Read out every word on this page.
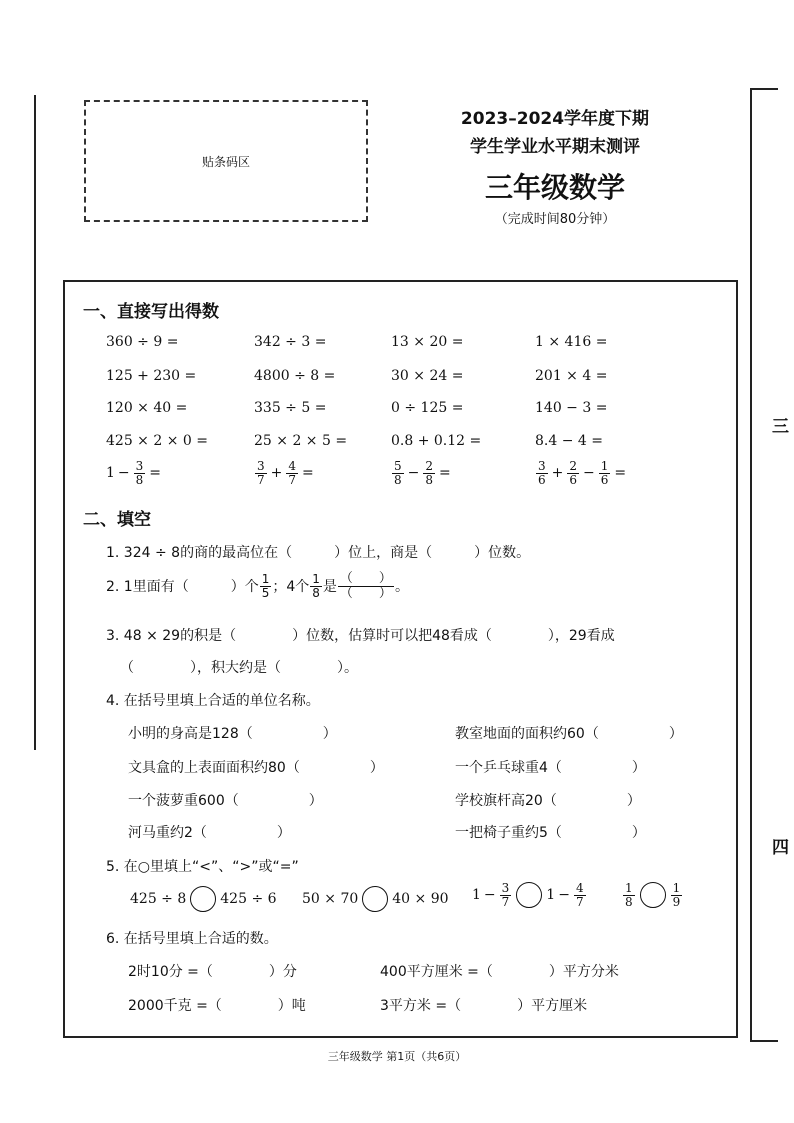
三
四
贴条码区
2023–2024学年度下期
学生学业水平期末测评
三年级数学
（完成时间80分钟）
一、直接写出得数
360 ÷ 9 =	342 ÷ 3 =	13 × 20 =	1 × 416 =
125 + 230 =	4800 ÷ 8 =	30 × 24 =	201 × 4 =
120 × 40 =	335 ÷ 5 =	0 ÷ 125 =	140 − 3 =
425 × 2 × 0 =	25 × 2 × 5 =	0.8 + 0.12 =	8.4 − 4 =
$1 - \frac{3}{8}$ =	$\frac{3}{7} + \frac{4}{7}$ =	$\frac{5}{8} - \frac{2}{8}$ =	$\frac{3}{6} + \frac{2}{6} - \frac{1}{6}$ =
二、填空
1. 324 ÷ 8的商的最高位在（　　　）位上，商是（　　　）位数。
2. 1里面有（　　　）个
1
5 ；4个
1
8 是
（　　）
（　　） 。
3. 48 × 29的积是（　　　　）位数，估算时可以把48看成（　　　　），29看成
（　　　　），积大约是（　　　　）。
4. 在括号里填上合适的单位名称。
小明的身高是128（　　　　　）	教室地面的面积约60（　　　　　）
文具盒的上表面面积约80（　　　　　）	一个乒乓球重4（　　　　　）
一个菠萝重600（　　　　　）	学校旗杆高20（　　　　　）
河马重约2（　　　　　）	一把椅子重约5（　　　　　）
5. 在○里填上“<”、“>”或“=”
425 ÷ 8 425 ÷ 6 50 × 70 40 × 90 $1 - \frac{3}{7}$	$1 - \frac{4}{7}$	1
8
1
9
6. 在括号里填上合适的数。
2时10分 =（　　　　）分	400平方厘米 =（　　　　）平方分米
2000千克 =（　　　　）吨	3平方米 =（　　　　）平方厘米
三年级数学 第1页（共6页）
